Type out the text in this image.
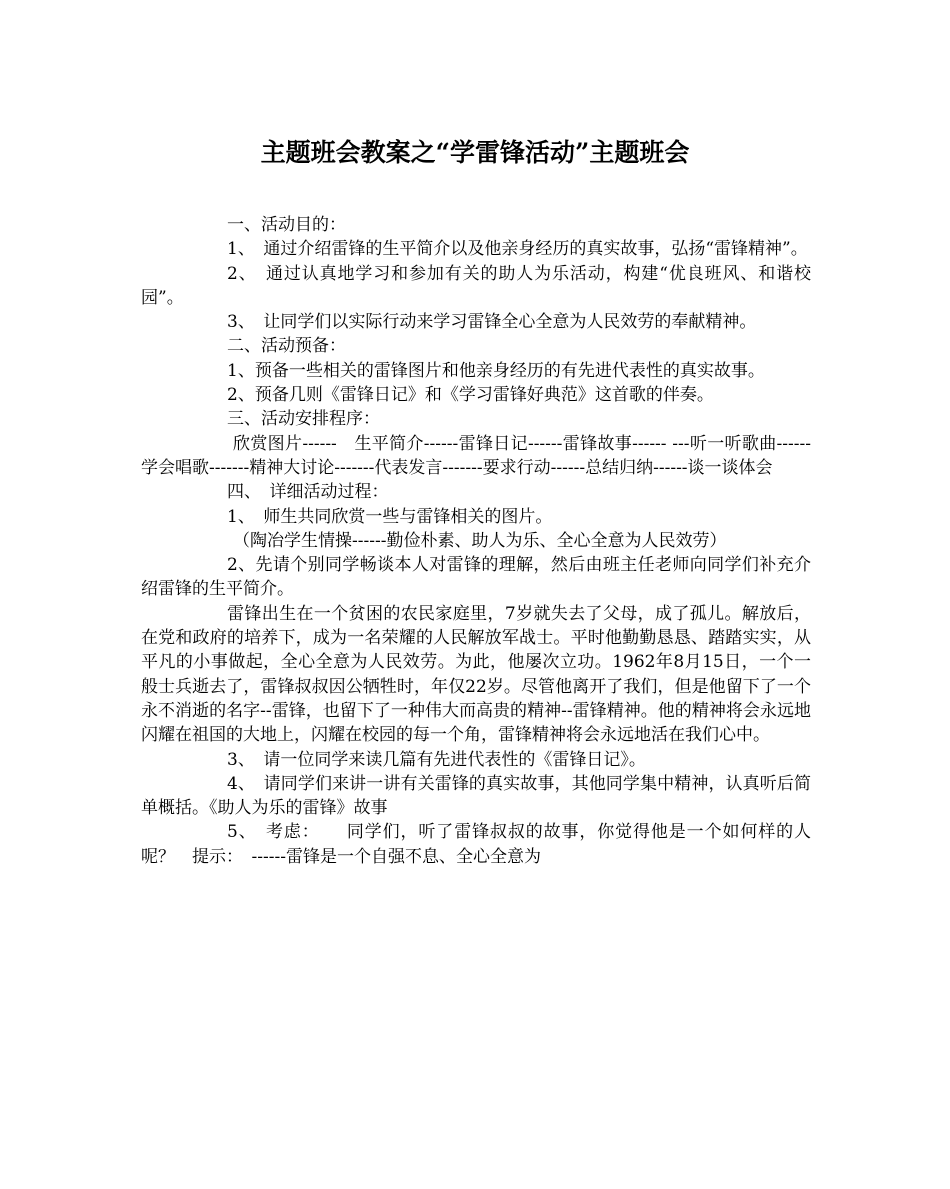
主题班会教案之“学雷锋活动”主题班会

一、活动目的：

1、　通过介绍雷锋的生平简介以及他亲身经历的真实故事，弘扬“雷锋精神”。

2、　通过认真地学习和参加有关的助人为乐活动，构建“优良班风、和谐校园”。

3、　让同学们以实际行动来学习雷锋全心全意为人民效劳的奉献精神。

二、活动预备：

1、预备一些相关的雷锋图片和他亲身经历的有先进代表性的真实故事。

2、预备几则《雷锋日记》和《学习雷锋好典范》这首歌的伴奏。

三、活动安排程序：

欣赏图片------　生平简介------雷锋日记------雷锋故事------ ---听一听歌曲------学会唱歌-------精神大讨论-------代表发言-------要求行动------总结归纳------谈一谈体会

四、　详细活动过程：

1、　师生共同欣赏一些与雷锋相关的图片。

（陶冶学生情操------勤俭朴素、助人为乐、全心全意为人民效劳）

2、先请个别同学畅谈本人对雷锋的理解，然后由班主任老师向同学们补充介绍雷锋的生平简介。

雷锋出生在一个贫困的农民家庭里，7岁就失去了父母，成了孤儿。解放后，在党和政府的培养下，成为一名荣耀的人民解放军战士。平时他勤勤恳恳、踏踏实实，从平凡的小事做起，全心全意为人民效劳。为此，他屡次立功。1962年8月15日，一个一般士兵逝去了，雷锋叔叔因公牺牲时，年仅22岁。尽管他离开了我们，但是他留下了一个永不消逝的名字--雷锋，也留下了一种伟大而高贵的精神--雷锋精神。他的精神将会永远地闪耀在祖国的大地上，闪耀在校园的每一个角，雷锋精神将会永远地活在我们心中。

3、　请一位同学来读几篇有先进代表性的《雷锋日记》。

4、　请同学们来讲一讲有关雷锋的真实故事，其他同学集中精神，认真听后简单概括。《助人为乐的雷锋》故事

5、　考虑：　　同学们，听了雷锋叔叔的故事，你觉得他是一个如何样的人呢？　提示：　------雷锋是一个自强不息、全心全意为
